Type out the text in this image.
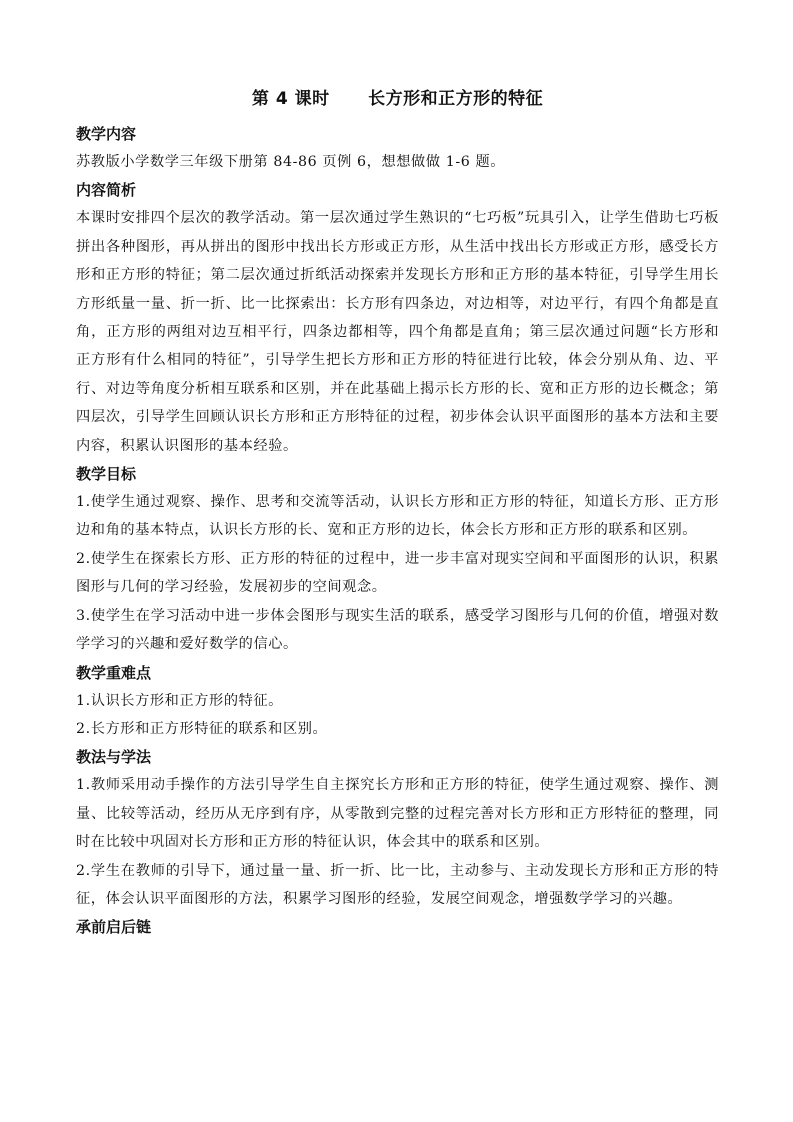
第 4 课时      长方形和正方形的特征
教学内容

苏教版小学数学三年级下册第 84-86 页例 6，想想做做 1-6 题。

内容简析

本课时安排四个层次的教学活动。第一层次通过学生熟识的“七巧板”玩具引入，让学生借助七巧板拼出各种图形，再从拼出的图形中找出长方形或正方形，从生活中找出长方形或正方形，感受长方形和正方形的特征；第二层次通过折纸活动探索并发现长方形和正方形的基本特征，引导学生用长方形纸量一量、折一折、比一比探索出：长方形有四条边，对边相等，对边平行，有四个角都是直角，正方形的两组对边互相平行，四条边都相等，四个角都是直角；第三层次通过问题“长方形和正方形有什么相同的特征”，引导学生把长方形和正方形的特征进行比较，体会分别从角、边、平行、对边等角度分析相互联系和区别，并在此基础上揭示长方形的长、宽和正方形的边长概念；第四层次，引导学生回顾认识长方形和正方形特征的过程，初步体会认识平面图形的基本方法和主要内容，积累认识图形的基本经验。

教学目标

1.使学生通过观察、操作、思考和交流等活动，认识长方形和正方形的特征，知道长方形、正方形边和角的基本特点，认识长方形的长、宽和正方形的边长，体会长方形和正方形的联系和区别。

2.使学生在探索长方形、正方形的特征的过程中，进一步丰富对现实空间和平面图形的认识，积累图形与几何的学习经验，发展初步的空间观念。

3.使学生在学习活动中进一步体会图形与现实生活的联系，感受学习图形与几何的价值，增强对数学学习的兴趣和爱好数学的信心。

教学重难点

1.认识长方形和正方形的特征。

2.长方形和正方形特征的联系和区别。

教法与学法

1.教师采用动手操作的方法引导学生自主探究长方形和正方形的特征，使学生通过观察、操作、测量、比较等活动，经历从无序到有序，从零散到完整的过程完善对长方形和正方形特征的整理，同时在比较中巩固对长方形和正方形的特征认识，体会其中的联系和区别。

2.学生在教师的引导下，通过量一量、折一折、比一比，主动参与、主动发现长方形和正方形的特征，体会认识平面图形的方法，积累学习图形的经验，发展空间观念，增强数学学习的兴趣。

承前启后链
